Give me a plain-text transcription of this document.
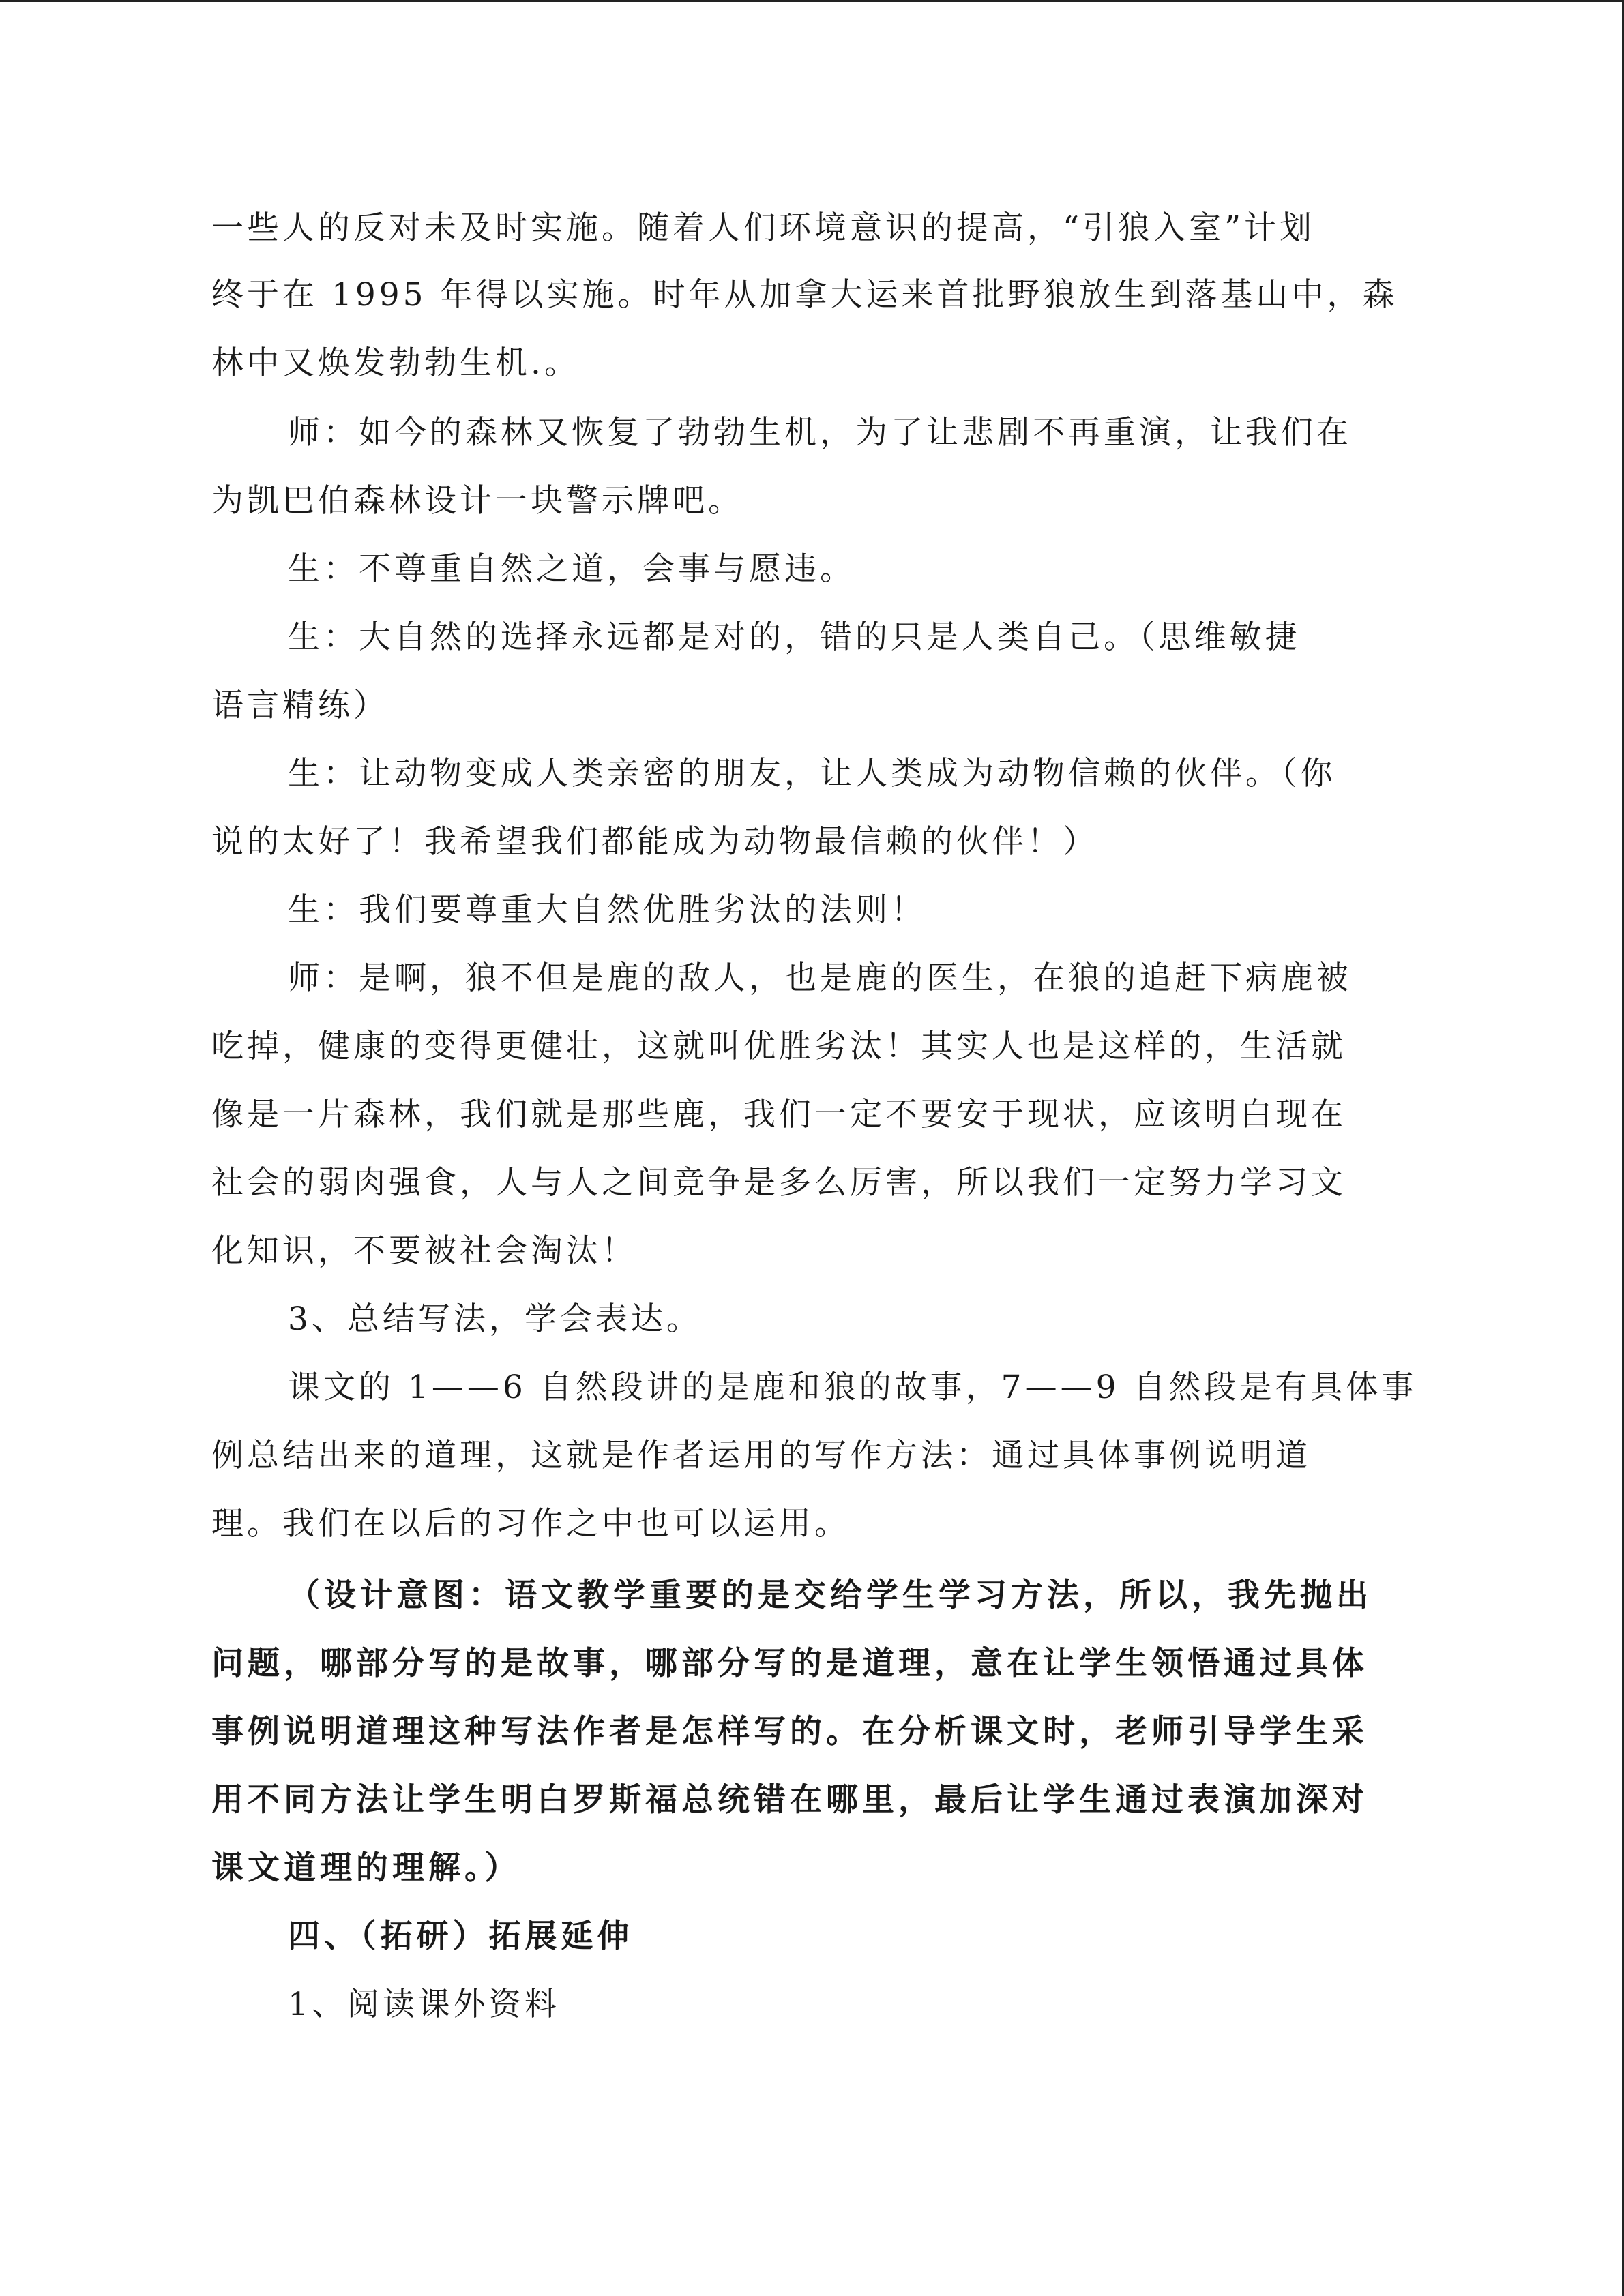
一些人的反对未及时实施。随着人们环境意识的提高，“引狼入室”计划
终于在 1995 年得以实施。时年从加拿大运来首批野狼放生到落基山中，森
林中又焕发勃勃生机.。
师：如今的森林又恢复了勃勃生机，为了让悲剧不再重演，让我们在
为凯巴伯森林设计一块警示牌吧。
生：不尊重自然之道，会事与愿违。
生：大自然的选择永远都是对的，错的只是人类自己。（思维敏捷
语言精练）
生：让动物变成人类亲密的朋友，让人类成为动物信赖的伙伴。（你
说的太好了！我希望我们都能成为动物最信赖的伙伴！）
生：我们要尊重大自然优胜劣汰的法则！
师：是啊，狼不但是鹿的敌人，也是鹿的医生，在狼的追赶下病鹿被
吃掉，健康的变得更健壮，这就叫优胜劣汰！其实人也是这样的，生活就
像是一片森林，我们就是那些鹿，我们一定不要安于现状，应该明白现在
社会的弱肉强食，人与人之间竞争是多么厉害，所以我们一定努力学习文
化知识，不要被社会淘汰！
3、总结写法，学会表达。
课文的 1——6 自然段讲的是鹿和狼的故事，7——9 自然段是有具体事
例总结出来的道理，这就是作者运用的写作方法：通过具体事例说明道
理。我们在以后的习作之中也可以运用。
（设计意图：语文教学重要的是交给学生学习方法，所以，我先抛出
问题，哪部分写的是故事，哪部分写的是道理，意在让学生领悟通过具体
事例说明道理这种写法作者是怎样写的。在分析课文时，老师引导学生采
用不同方法让学生明白罗斯福总统错在哪里，最后让学生通过表演加深对
课文道理的理解。）
四、（拓研）拓展延伸
1、阅读课外资料
